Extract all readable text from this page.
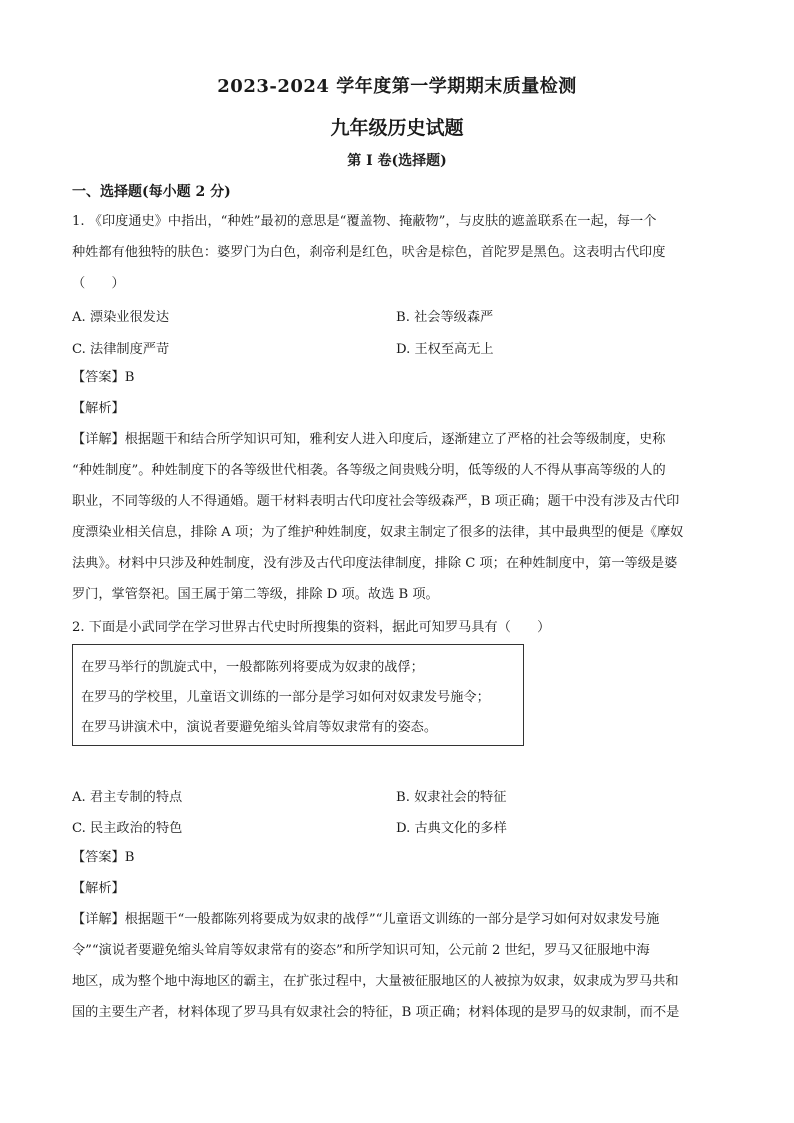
2023-2024 学年度第一学期期末质量检测
九年级历史试题
第 I 卷(选择题)
一、选择题(每小题 2 分)
1. 《印度通史》中指出，“种姓”最初的意思是“覆盖物、掩蔽物”，与皮肤的遮盖联系在一起，每一个
种姓都有他独特的肤色：婆罗门为白色，刹帝利是红色，吠舍是棕色，首陀罗是黑色。这表明古代印度
（　　）
A. 漂染业很发达	B. 社会等级森严
C. 法律制度严苛	D. 王权至高无上
【答案】B
【解析】
【详解】根据题干和结合所学知识可知，雅利安人进入印度后，逐渐建立了严格的社会等级制度，史称
“种姓制度”。种姓制度下的各等级世代相袭。各等级之间贵贱分明，低等级的人不得从事高等级的人的
职业，不同等级的人不得通婚。题干材料表明古代印度社会等级森严，B 项正确；题干中没有涉及古代印
度漂染业相关信息，排除 A 项；为了维护种姓制度，奴隶主制定了很多的法律，其中最典型的便是《摩奴
法典》。材料中只涉及种姓制度，没有涉及古代印度法律制度，排除 C 项；在种姓制度中，第一等级是婆
罗门，掌管祭祀。国王属于第二等级，排除 D 项。故选 B 项。
2. 下面是小武同学在学习世界古代史时所搜集的资料，据此可知罗马具有（　　）
在罗马举行的凯旋式中，一般都陈列将要成为奴隶的战俘；
在罗马的学校里，儿童语文训练的一部分是学习如何对奴隶发号施令；
在罗马讲演术中，演说者要避免缩头耸肩等奴隶常有的姿态。
A. 君主专制的特点	B. 奴隶社会的特征
C. 民主政治的特色	D. 古典文化的多样
【答案】B
【解析】
【详解】根据题干“一般都陈列将要成为奴隶的战俘”“儿童语文训练的一部分是学习如何对奴隶发号施
令”“演说者要避免缩头耸肩等奴隶常有的姿态”和所学知识可知，公元前 2 世纪，罗马又征服地中海
地区，成为整个地中海地区的霸主，在扩张过程中，大量被征服地区的人被掠为奴隶，奴隶成为罗马共和
国的主要生产者，材料体现了罗马具有奴隶社会的特征，B 项正确；材料体现的是罗马的奴隶制，而不是
